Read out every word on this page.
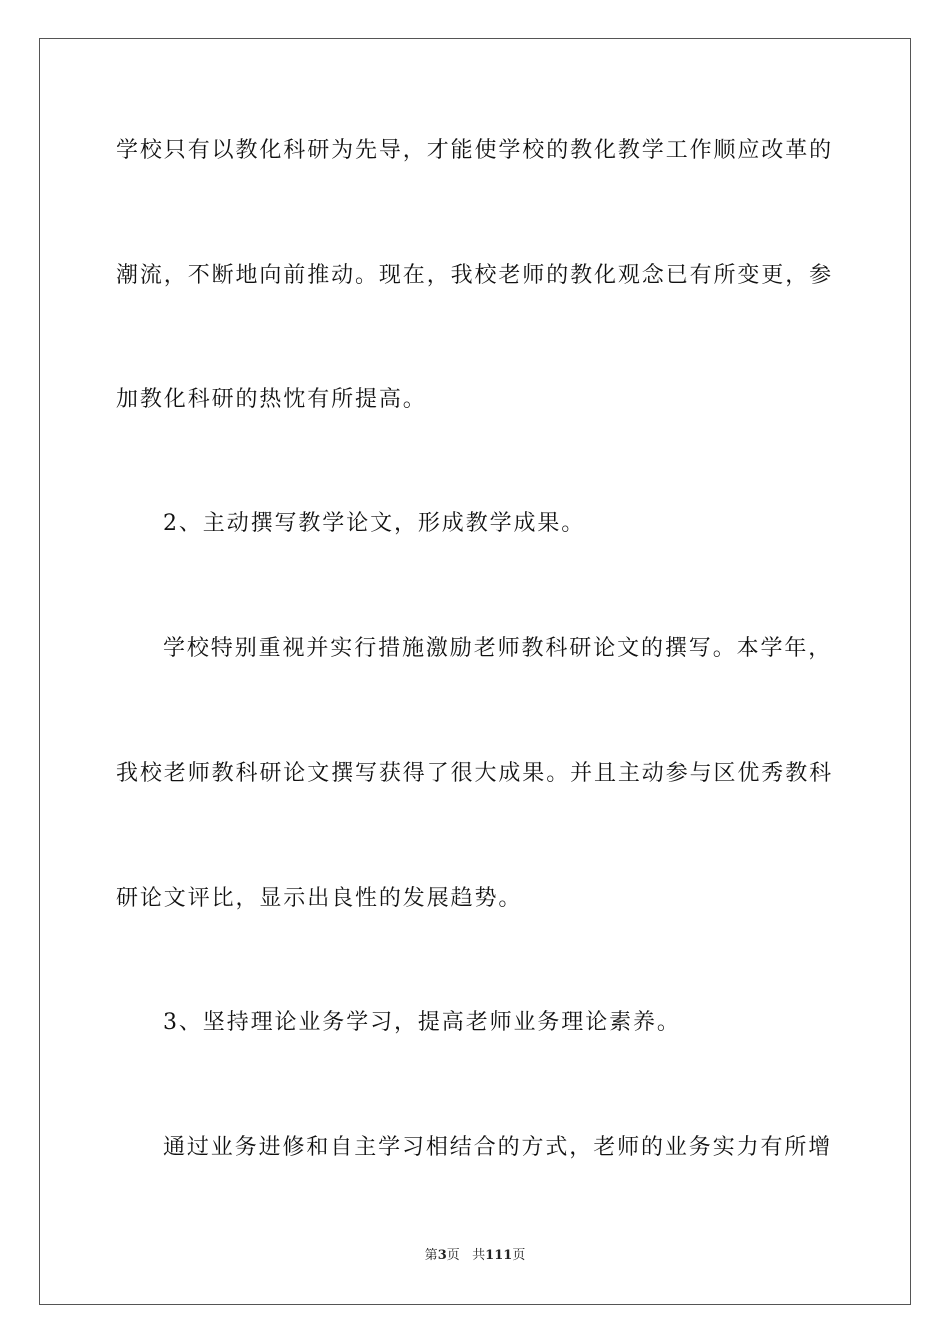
学校只有以教化科研为先导，才能使学校的教化教学工作顺应改革的
潮流，不断地向前推动。现在，我校老师的教化观念已有所变更，参
加教化科研的热忱有所提高。
2、主动撰写教学论文，形成教学成果。
学校特别重视并实行措施激励老师教科研论文的撰写。本学年，
我校老师教科研论文撰写获得了很大成果。并且主动参与区优秀教科
研论文评比，显示出良性的发展趋势。
3、坚持理论业务学习，提高老师业务理论素养。
通过业务进修和自主学习相结合的方式，老师的业务实力有所增
第3页 共111页
